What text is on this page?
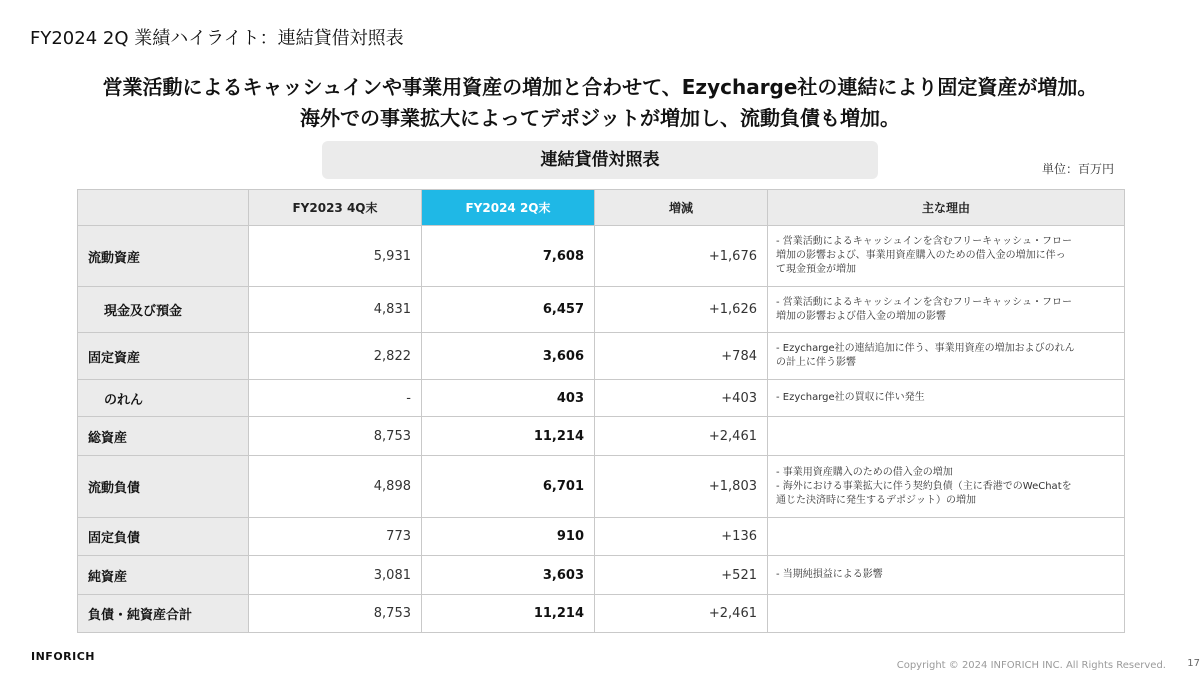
FY2024 2Q 業績ハイライト：連結貸借対照表
営業活動によるキャッシュインや事業用資産の増加と合わせて、Ezycharge社の連結により固定資産が増加。
海外での事業拡大によってデポジットが増加し、流動負債も増加。
連結貸借対照表	単位：百万円
	FY2023 4Q末	FY2024 2Q末	増減	主な理由
流動資産	5,931	7,608	+1,676	- 営業活動によるキャッシュインを含むフリーキャッシュ・フロー
増加の影響および、事業用資産購入のための借入金の増加に伴っ
て現金預金が増加

現金及び預金	4,831	6,457	+1,626	- 営業活動によるキャッシュインを含むフリーキャッシュ・フロー
増加の影響および借入金の増加の影響

固定資産	2,822	3,606	+784	- Ezycharge社の連結追加に伴う、事業用資産の増加およびのれん
の計上に伴う影響

のれん	-	403	+403	- Ezycharge社の買収に伴い発生

総資産	8,753	11,214	+2,461	
流動負債	4,898	6,701	+1,803	- 事業用資産購入のための借入金の増加
- 海外における事業拡大に伴う契約負債（主に香港でのWeChatを
通じた決済時に発生するデポジット）の増加

固定負債	773	910	+136	
純資産	3,081	3,603	+521	- 当期純損益による影響

負債・純資産合計	8,753	11,214	+2,461	
INFORICH
Copyright © 2024 INFORICH INC. All Rights Reserved. 17
